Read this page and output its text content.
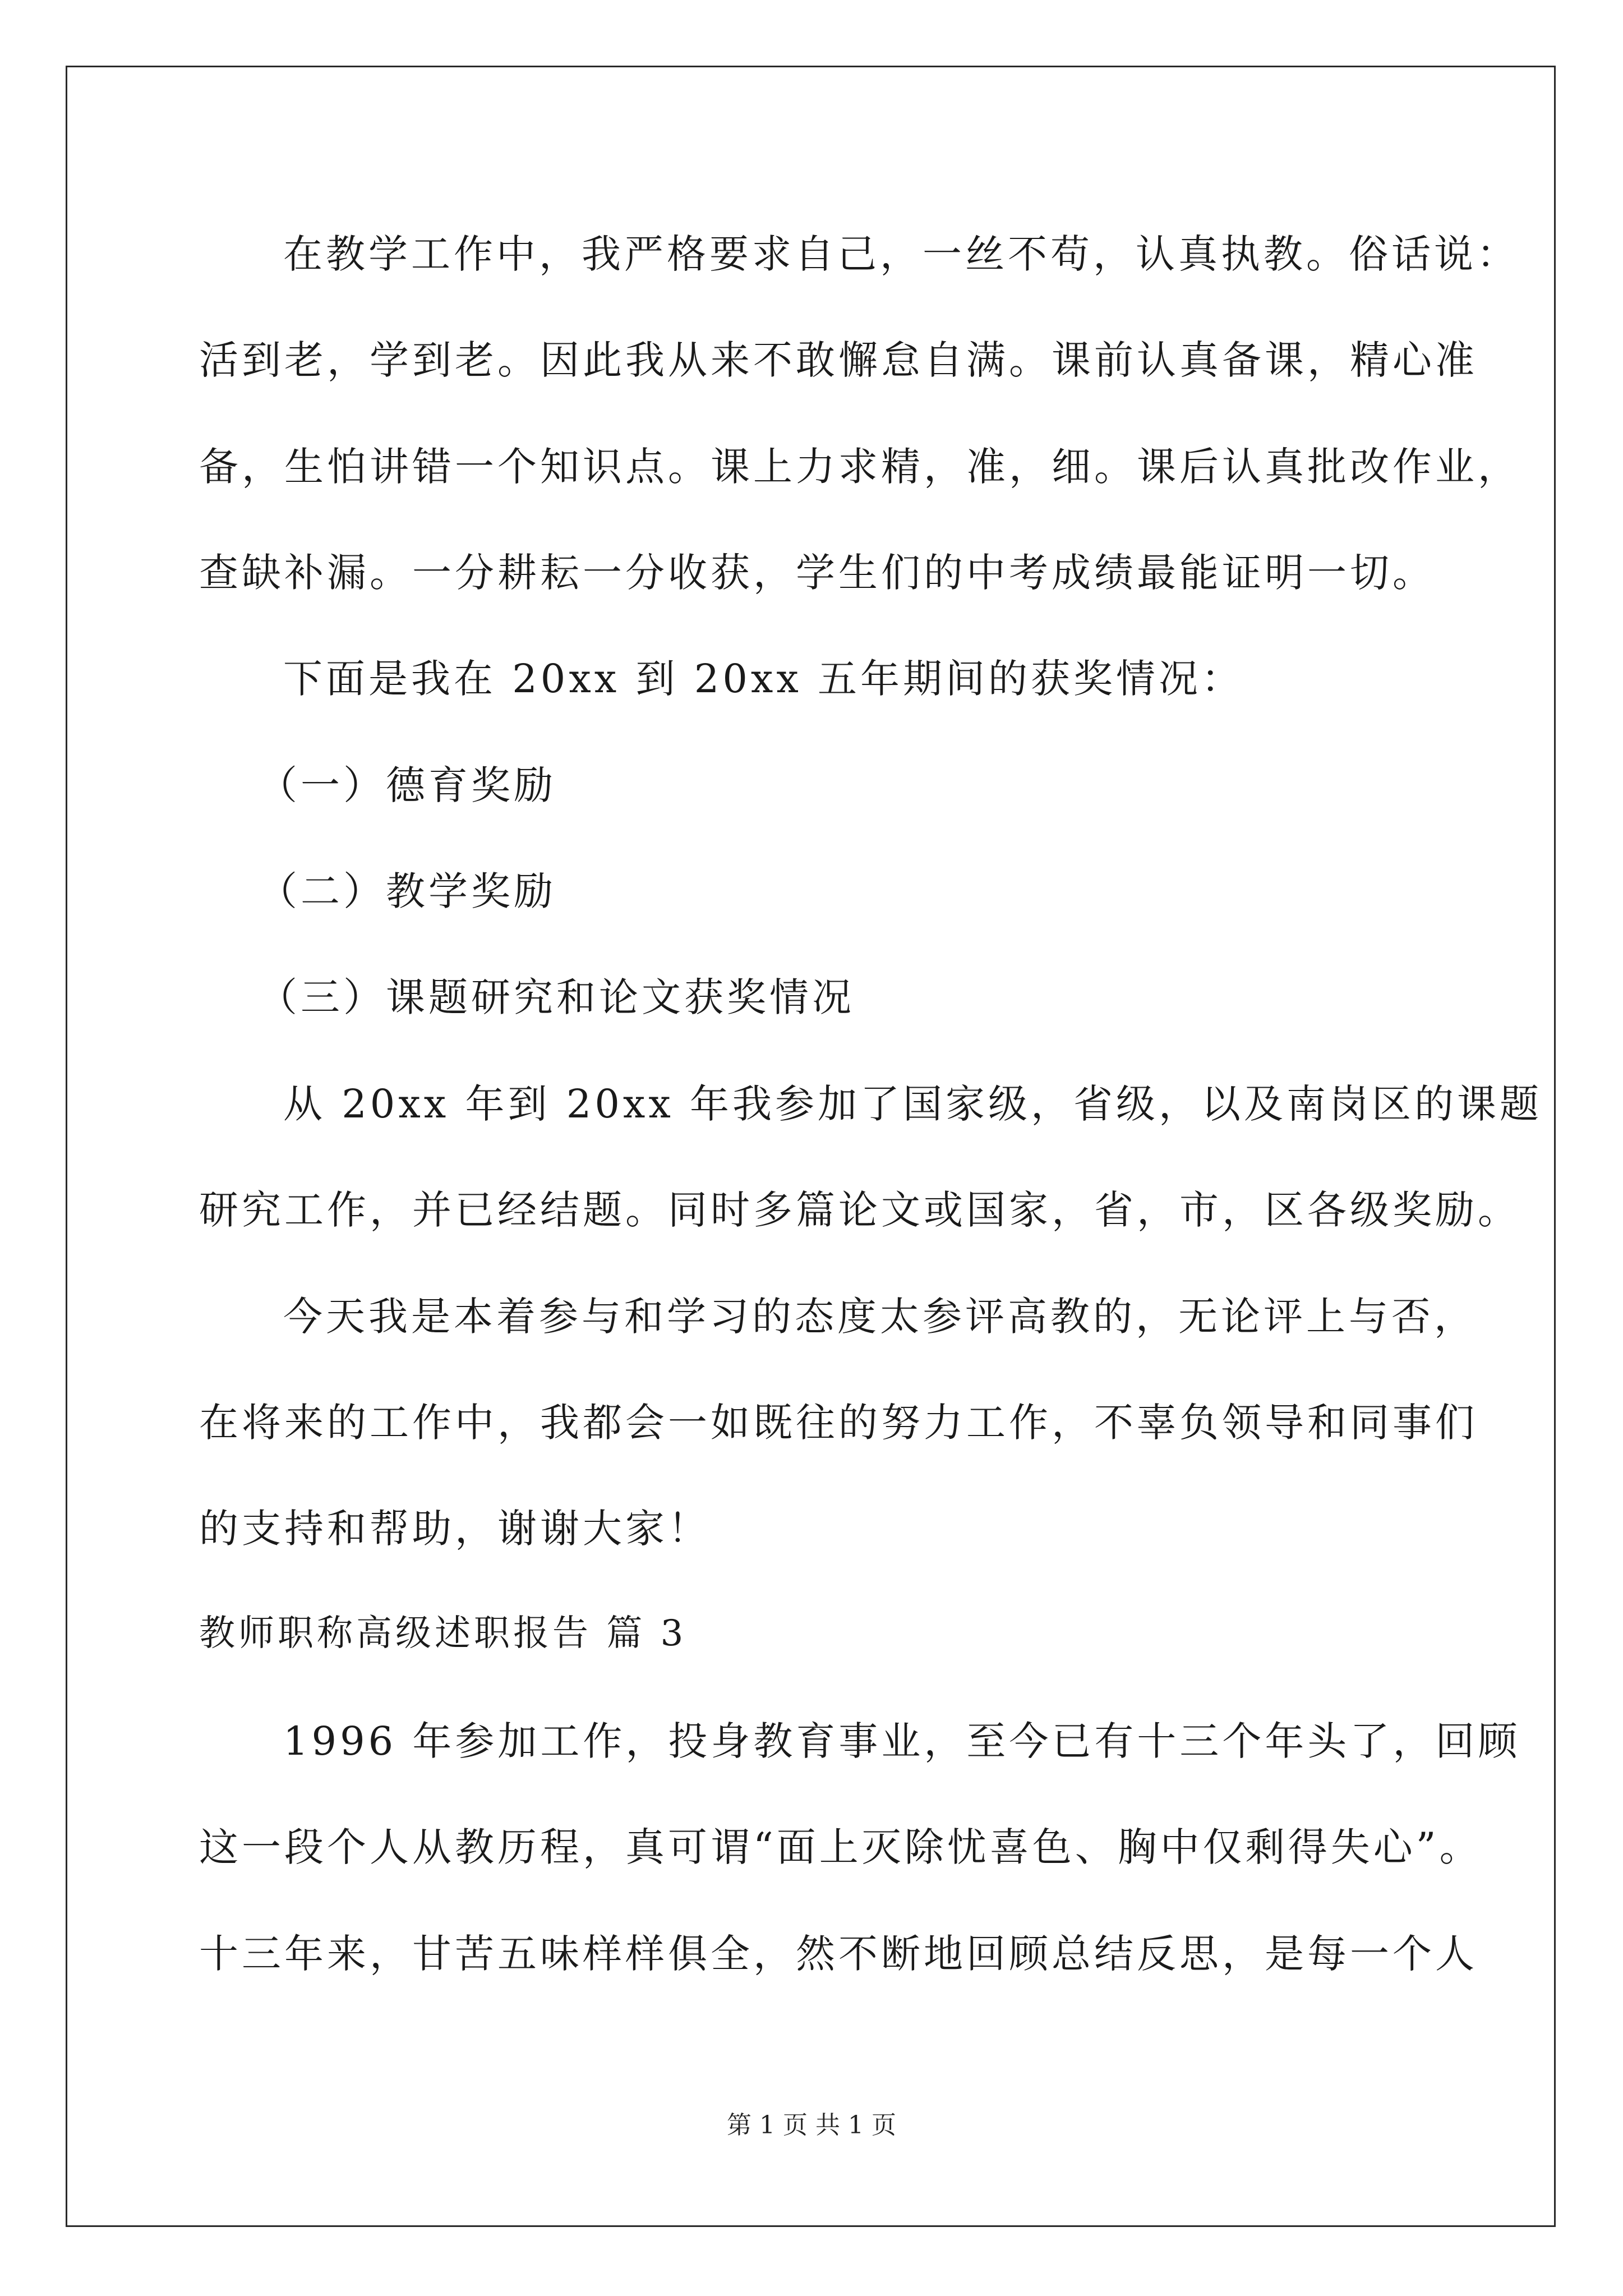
在教学工作中，我严格要求自己，一丝不苟，认真执教。俗话说：
活到老，学到老。因此我从来不敢懈怠自满。课前认真备课，精心准
备，生怕讲错一个知识点。课上力求精，准，细。课后认真批改作业，
查缺补漏。一分耕耘一分收获，学生们的中考成绩最能证明一切。
下面是我在 20xx 到 20xx 五年期间的获奖情况：
（一）德育奖励
（二）教学奖励
（三）课题研究和论文获奖情况
从 20xx 年到 20xx 年我参加了国家级，省级，以及南岗区的课题
研究工作，并已经结题。同时多篇论文或国家，省，市，区各级奖励。
今天我是本着参与和学习的态度太参评高教的，无论评上与否，
在将来的工作中，我都会一如既往的努力工作，不辜负领导和同事们
的支持和帮助，谢谢大家！
教师职称高级述职报告 篇 3
1996 年参加工作，投身教育事业，至今已有十三个年头了，回顾
这一段个人从教历程，真可谓“面上灭除忧喜色、胸中仅剩得失心”。
十三年来，甘苦五味样样俱全，然不断地回顾总结反思，是每一个人
第 1 页 共 1 页
